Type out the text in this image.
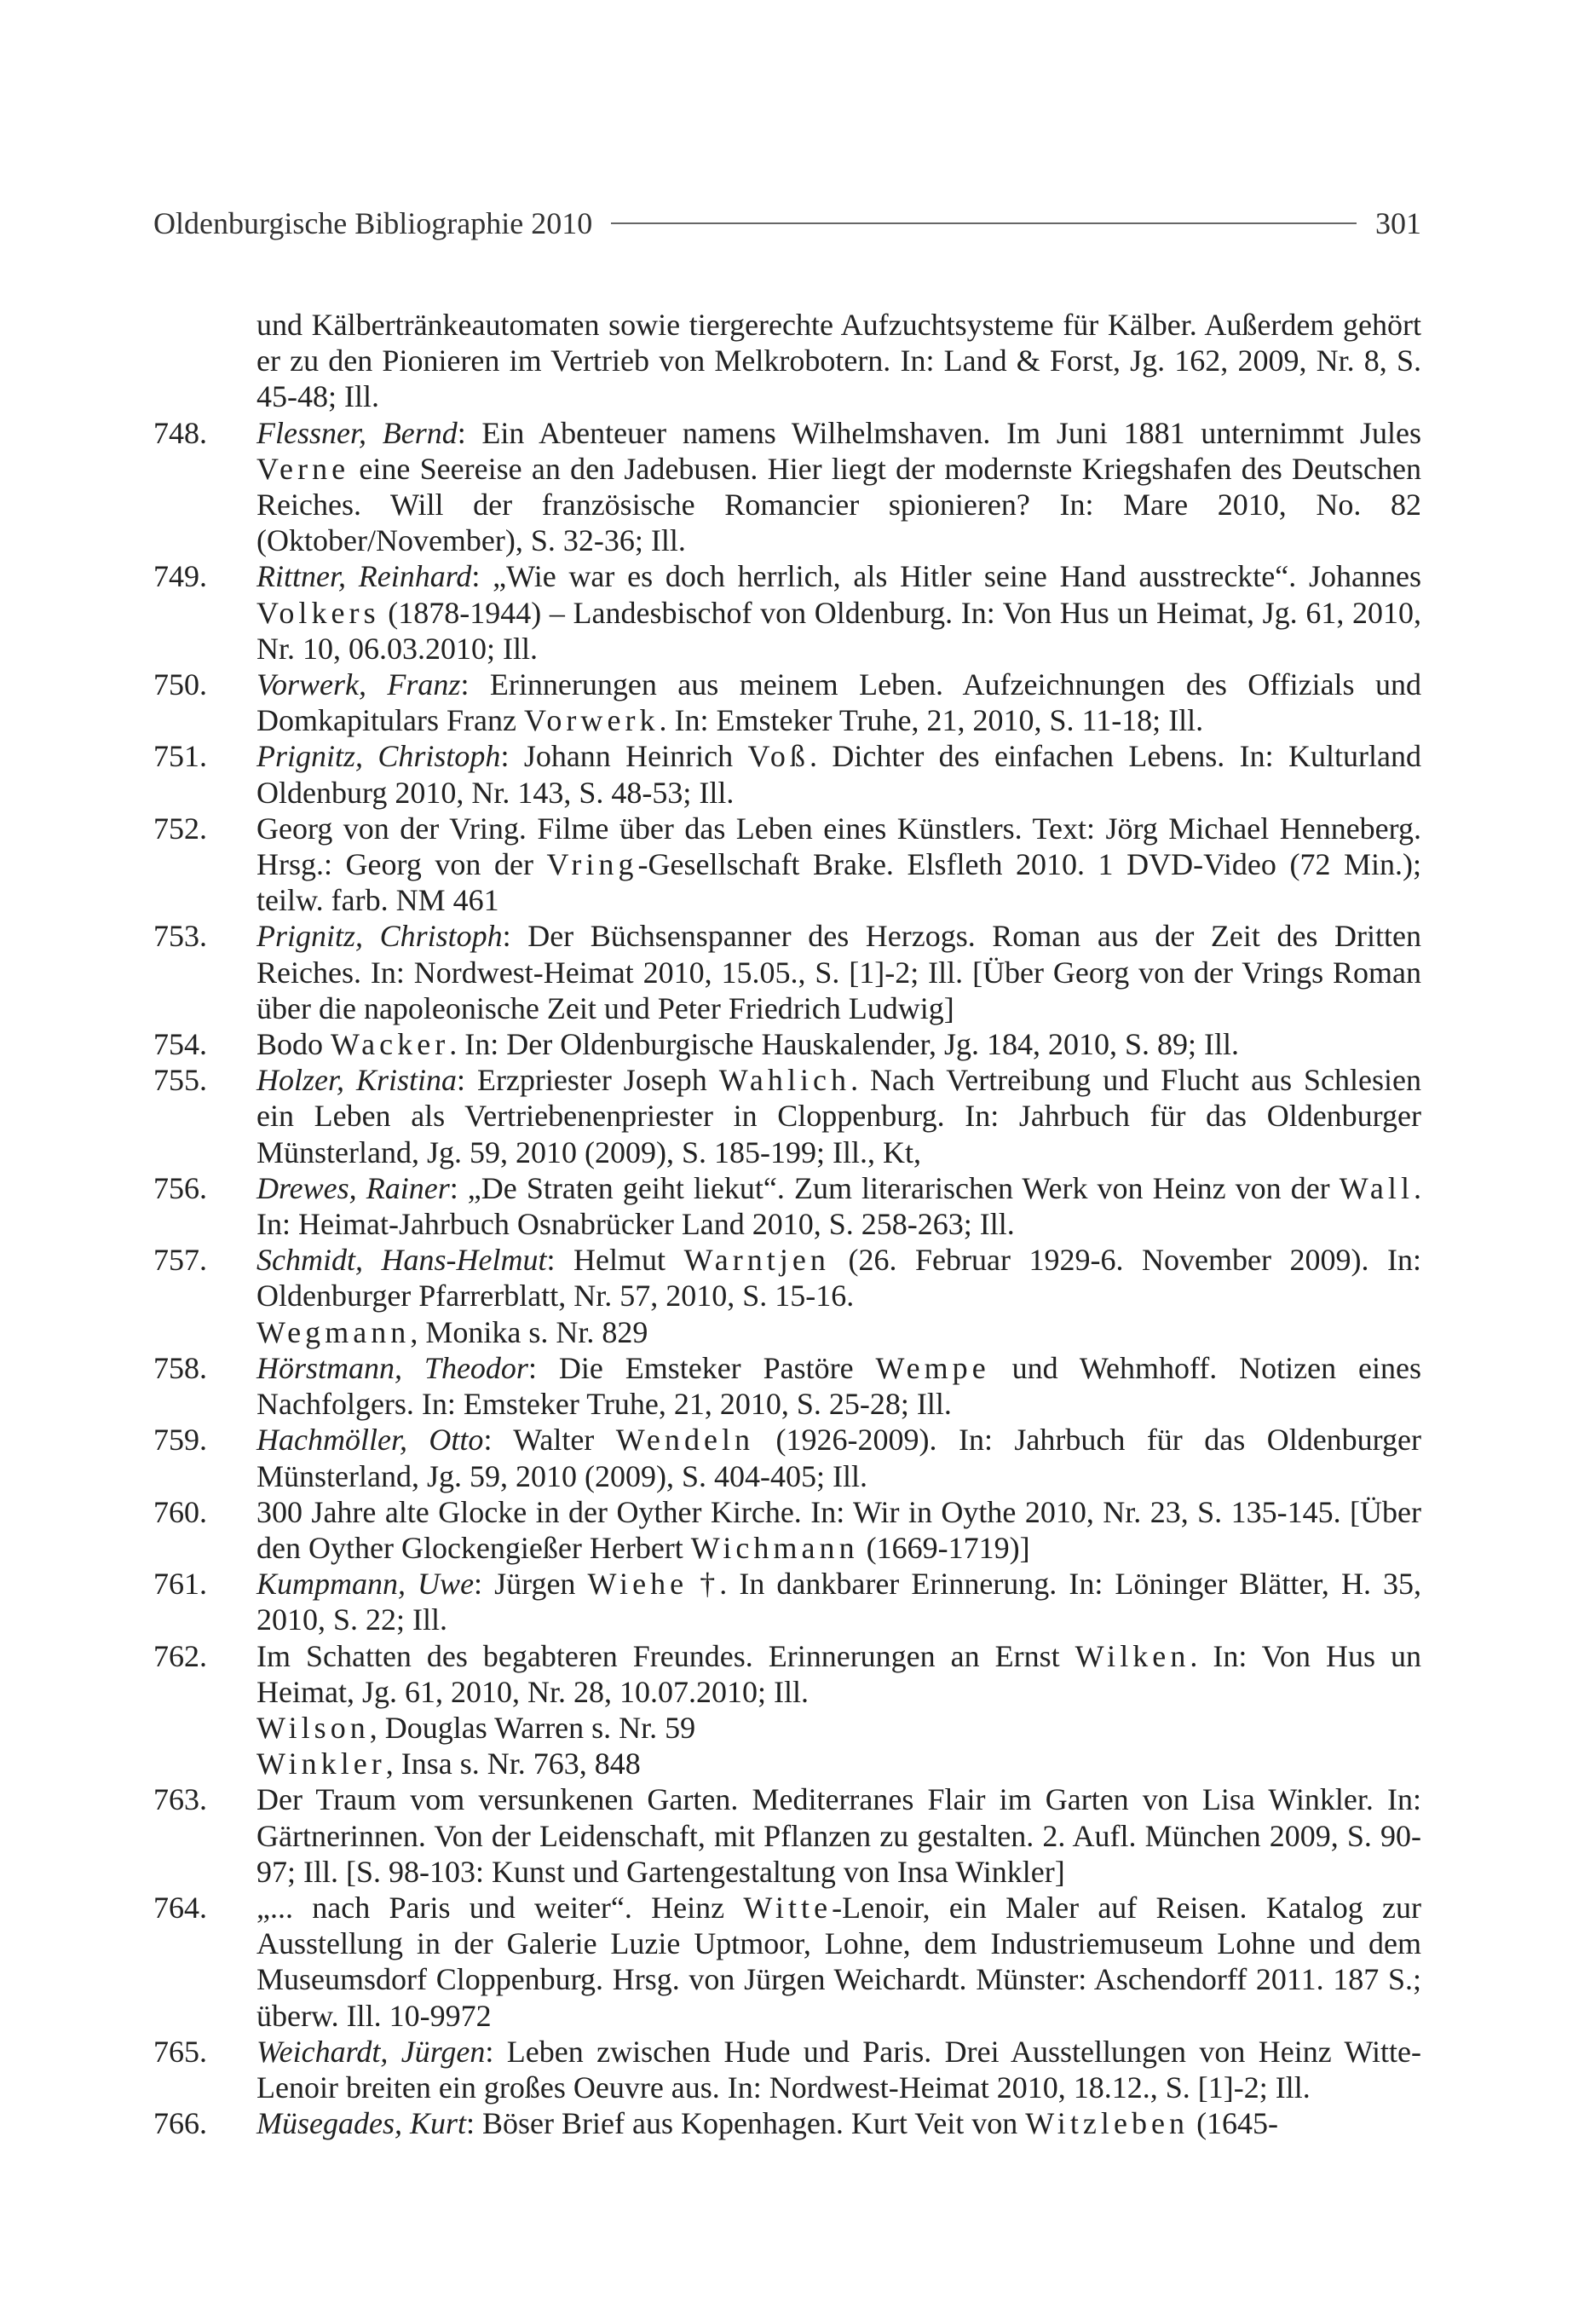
Oldenburgische Bibliographie 2010	301
und Kälbertränkeautomaten sowie tiergerechte Aufzuchtsysteme für Kälber. Außerdem gehört er zu den Pionieren im Vertrieb von Melkrobotern. In: Land & Forst, Jg. 162, 2009, Nr. 8, S. 45-48; Ill.
748.	Flessner, Bernd: Ein Abenteuer namens Wilhelmshaven. Im Juni 1881 unternimmt Jules Verne eine Seereise an den Jadebusen. Hier liegt der modernste Kriegshafen des Deutschen Reiches. Will der französische Romancier spionieren? In: Mare 2010, No. 82 (Oktober/November), S. 32-36; Ill.
749.	Rittner, Reinhard: „Wie war es doch herrlich, als Hitler seine Hand ausstreckte“. Johannes Volkers (1878-1944) – Landesbischof von Oldenburg. In: Von Hus un Heimat, Jg. 61, 2010, Nr. 10, 06.03.2010; Ill.
750.	Vorwerk, Franz: Erinnerungen aus meinem Leben. Aufzeichnungen des Offizials und Domkapitulars Franz Vorwerk. In: Emsteker Truhe, 21, 2010, S. 11-18; Ill.
751.	Prignitz, Christoph: Johann Heinrich Voß. Dichter des einfachen Lebens. In: Kulturland Oldenburg 2010, Nr. 143, S. 48-53; Ill.
752.	Georg von der Vring. Filme über das Leben eines Künstlers. Text: Jörg Michael Henneberg. Hrsg.: Georg von der Vring-Gesellschaft Brake. Elsfleth 2010. 1 DVD-Video (72 Min.); teilw. farb. NM 461
753.	Prignitz, Christoph: Der Büchsenspanner des Herzogs. Roman aus der Zeit des Dritten Reiches. In: Nordwest-Heimat 2010, 15.05., S. [1]-2; Ill. [Über Georg von der Vrings Roman über die napoleonische Zeit und Peter Friedrich Ludwig]
754.	Bodo Wacker. In: Der Oldenburgische Hauskalender, Jg. 184, 2010, S. 89; Ill.
755.	Holzer, Kristina: Erzpriester Joseph Wahlich. Nach Vertreibung und Flucht aus Schlesien ein Leben als Vertriebenenpriester in Cloppenburg. In: Jahrbuch für das Oldenburger Münsterland, Jg. 59, 2010 (2009), S. 185-199; Ill., Kt,
756.	Drewes, Rainer: „De Straten geiht liekut“. Zum literarischen Werk von Heinz von der Wall. In: Heimat-Jahrbuch Osnabrücker Land 2010, S. 258-263; Ill.
757.	Schmidt, Hans-Helmut: Helmut Warntjen (26. Februar 1929-6. November 2009). In: Oldenburger Pfarrerblatt, Nr. 57, 2010, S. 15-16.
Wegmann, Monika s. Nr. 829
758.	Hörstmann, Theodor: Die Emsteker Pastöre Wempe und Wehmhoff. Notizen eines Nachfolgers. In: Emsteker Truhe, 21, 2010, S. 25-28; Ill.
759.	Hachmöller, Otto: Walter Wendeln (1926-2009). In: Jahrbuch für das Oldenburger Münsterland, Jg. 59, 2010 (2009), S. 404-405; Ill.
760.	300 Jahre alte Glocke in der Oyther Kirche. In: Wir in Oythe 2010, Nr. 23, S. 135-145. [Über den Oyther Glockengießer Herbert Wichmann (1669-1719)]
761.	Kumpmann, Uwe: Jürgen Wiehe †. In dankbarer Erinnerung. In: Löninger Blätter, H. 35, 2010, S. 22; Ill.
762.	Im Schatten des begabteren Freundes. Erinnerungen an Ernst Wilken. In: Von Hus un Heimat, Jg. 61, 2010, Nr. 28, 10.07.2010; Ill.
Wilson, Douglas Warren s. Nr. 59
Winkler, Insa s. Nr. 763, 848
763.	Der Traum vom versunkenen Garten. Mediterranes Flair im Garten von Lisa Winkler. In: Gärtnerinnen. Von der Leidenschaft, mit Pflanzen zu gestalten. 2. Aufl. München 2009, S. 90-97; Ill. [S. 98-103: Kunst und Gartengestaltung von Insa Winkler]
764.	„... nach Paris und weiter“. Heinz Witte-Lenoir, ein Maler auf Reisen. Katalog zur Ausstellung in der Galerie Luzie Uptmoor, Lohne, dem Industriemuseum Lohne und dem Museumsdorf Cloppenburg. Hrsg. von Jürgen Weichardt. Münster: Aschendorff 2011. 187 S.; überw. Ill. 10-9972
765.	Weichardt, Jürgen: Leben zwischen Hude und Paris. Drei Ausstellungen von Heinz Witte-Lenoir breiten ein großes Oeuvre aus. In: Nordwest-Heimat 2010, 18.12., S. [1]-2; Ill.
766.	Müsegades, Kurt: Böser Brief aus Kopenhagen. Kurt Veit von Witzleben (1645-
